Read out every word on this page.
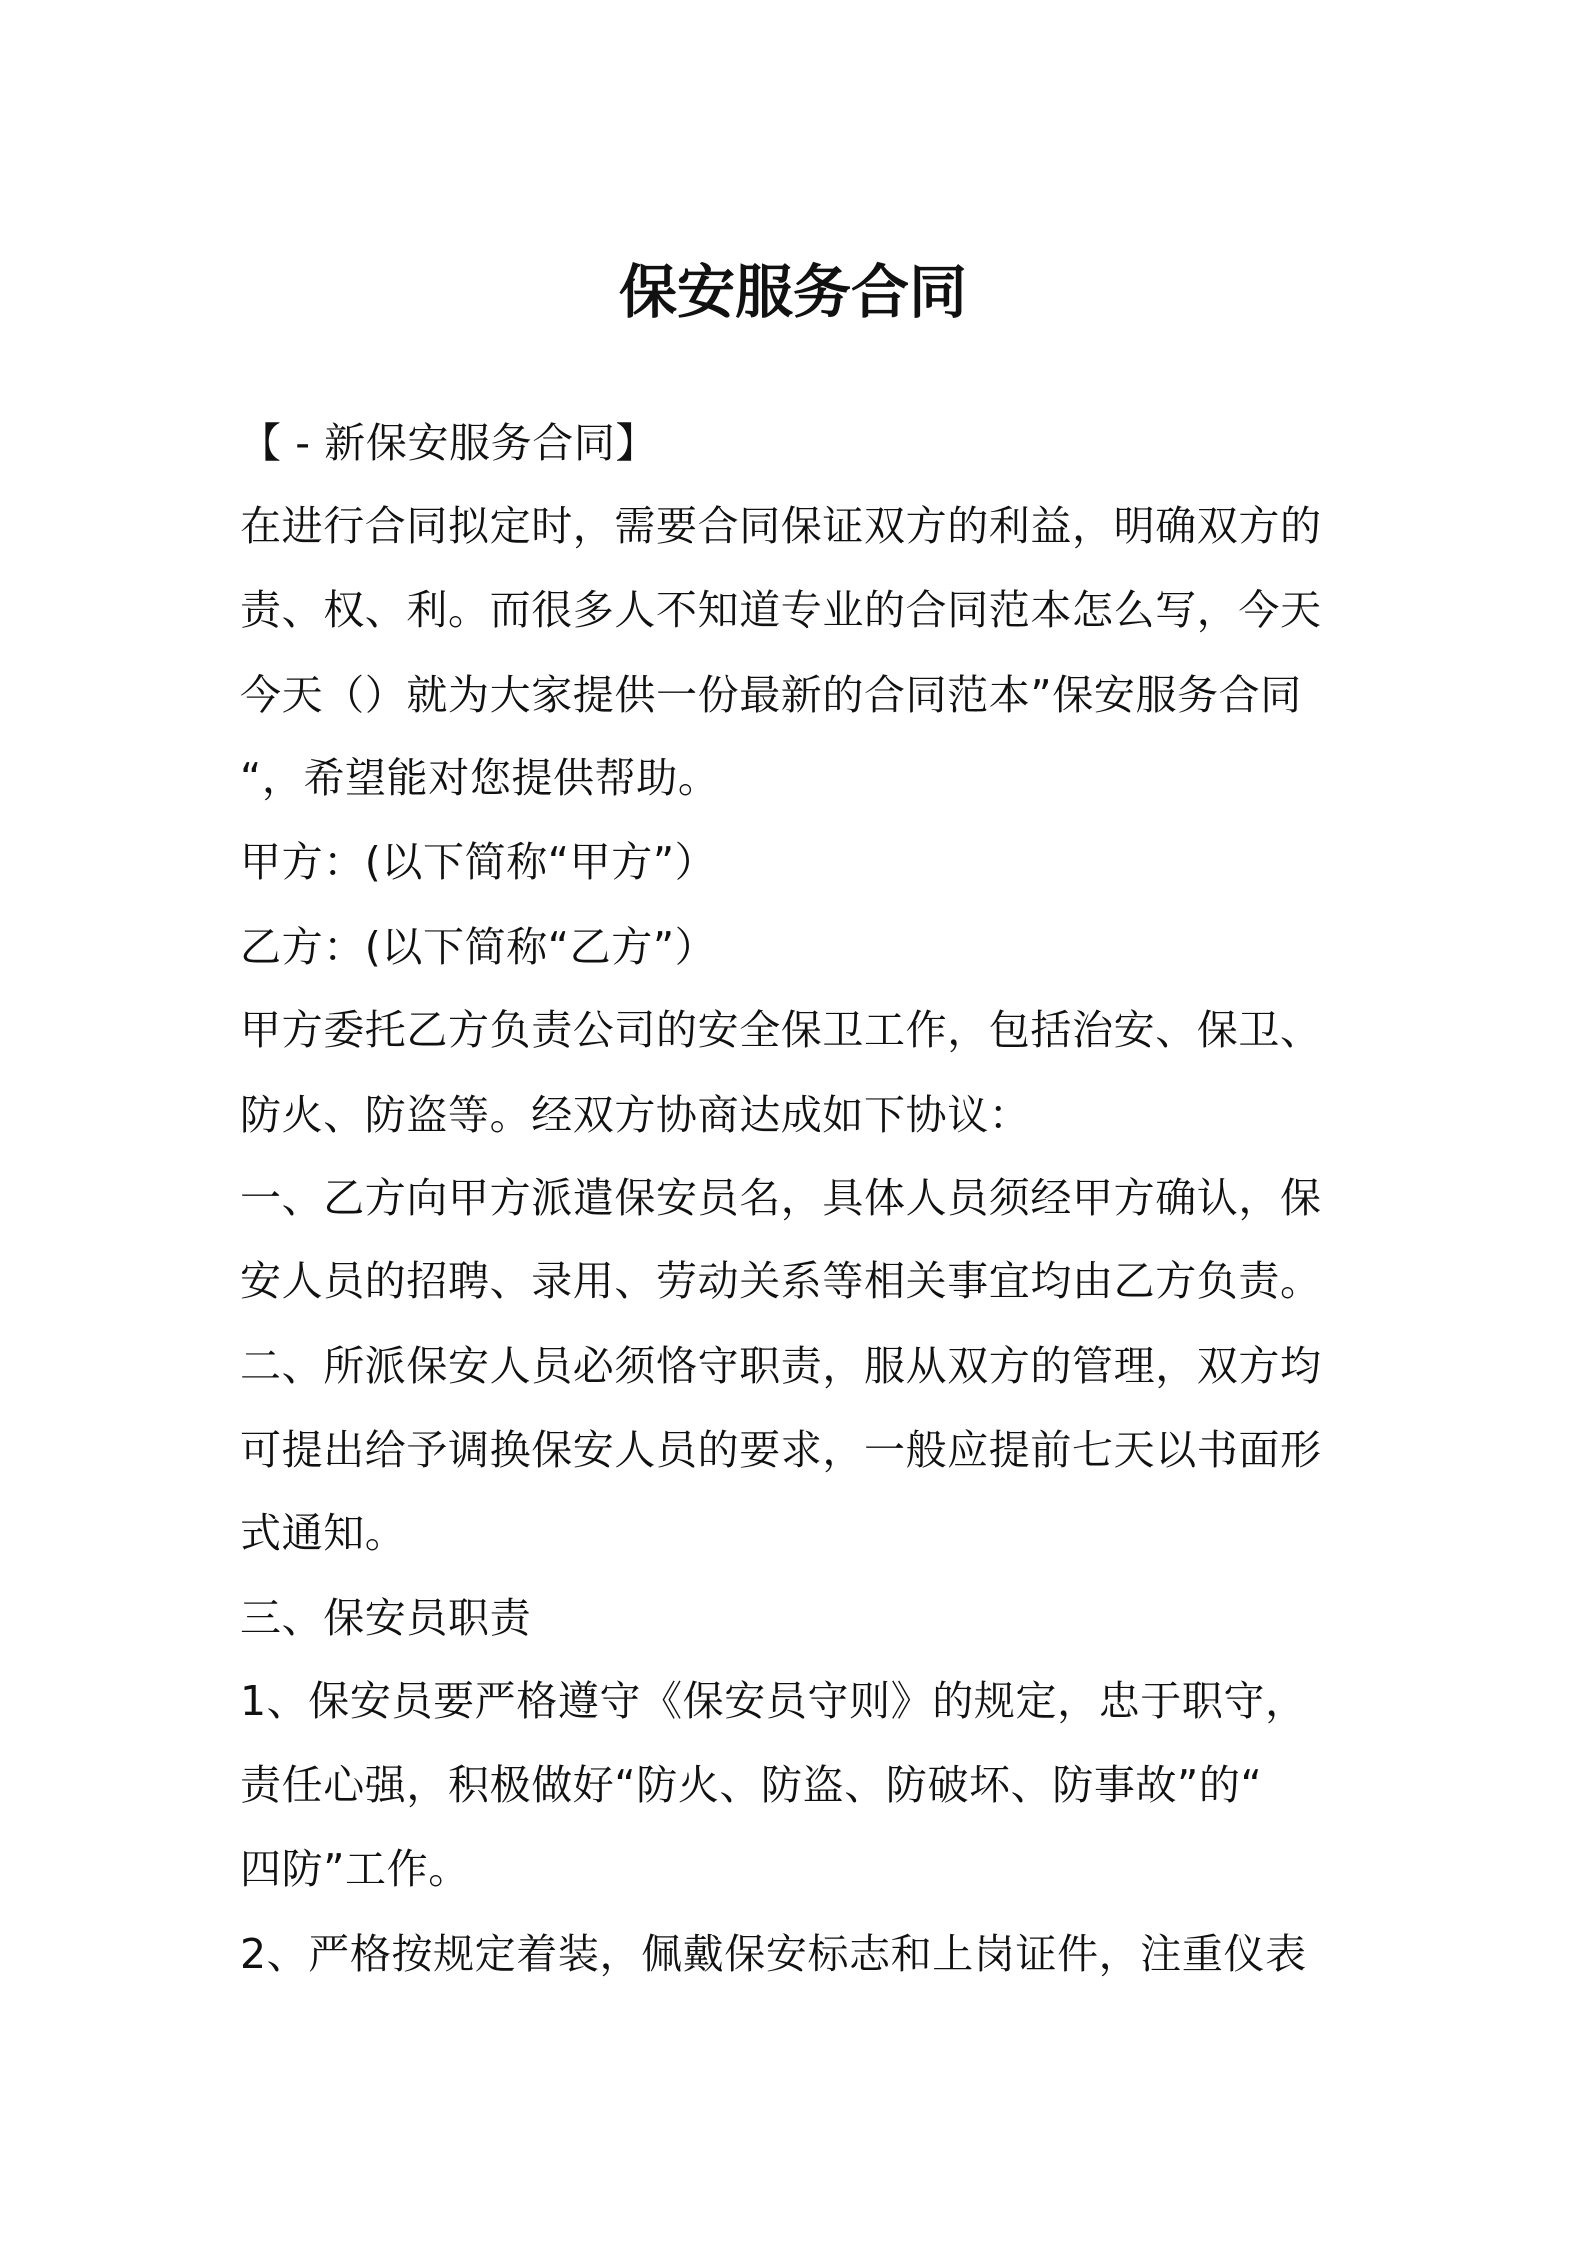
保安服务合同
【 - 新保安服务合同】
在进行合同拟定时，需要合同保证双方的利益，明确双方的
责、权、利。而很多人不知道专业的合同范本怎么写，今天
今天（）就为大家提供一份最新的合同范本”保安服务合同
“，希望能对您提供帮助。
甲方：(以下简称“甲方”）
乙方：(以下简称“乙方”）
甲方委托乙方负责公司的安全保卫工作，包括治安、保卫、
防火、防盗等。经双方协商达成如下协议：
一、乙方向甲方派遣保安员名，具体人员须经甲方确认，保
安人员的招聘、录用、劳动关系等相关事宜均由乙方负责。
二、所派保安人员必须恪守职责，服从双方的管理，双方均
可提出给予调换保安人员的要求，一般应提前七天以书面形
式通知。
三、保安员职责
1、保安员要严格遵守《保安员守则》的规定，忠于职守，
责任心强，积极做好“防火、防盗、防破坏、防事故”的“
四防”工作。
2、严格按规定着装，佩戴保安标志和上岗证件，注重仪表
